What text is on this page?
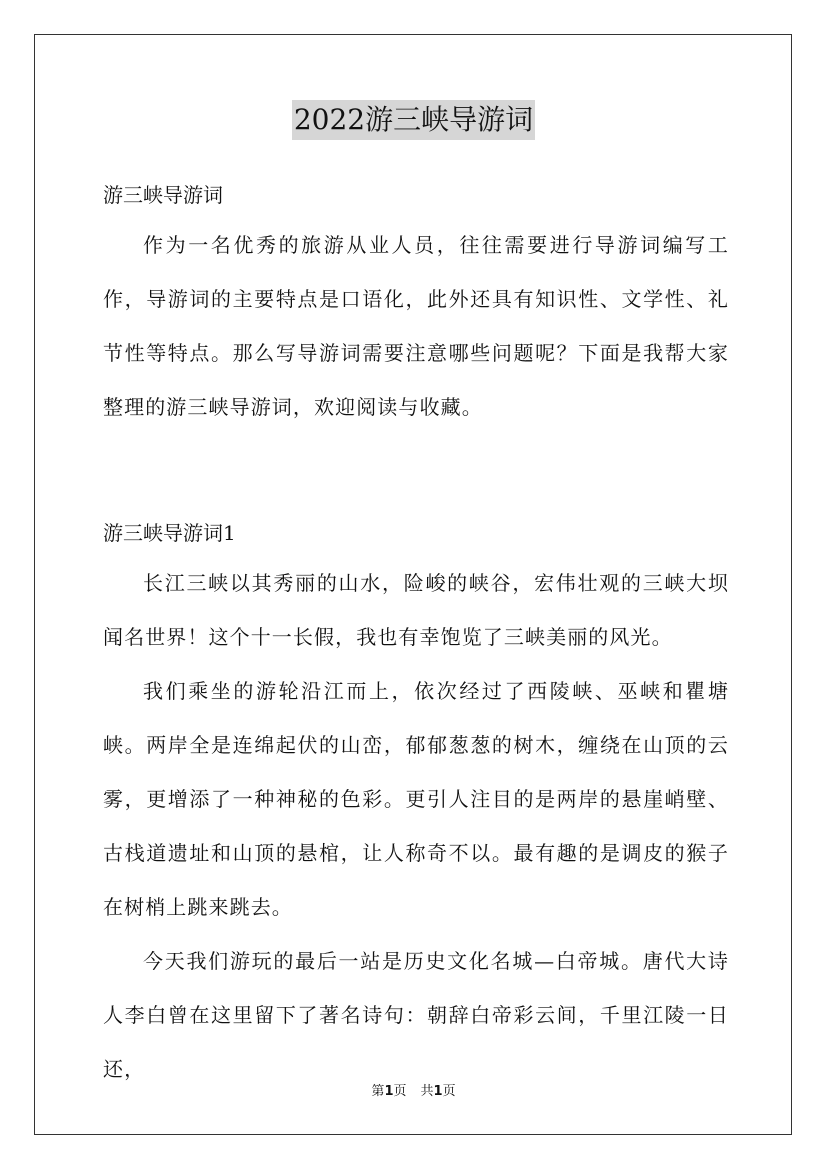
2022游三峡导游词

游三峡导游词

作为一名优秀的旅游从业人员，往往需要进行导游词编写工作，导游词的主要特点是口语化，此外还具有知识性、文学性、礼节性等特点。那么写导游词需要注意哪些问题呢？下面是我帮大家整理的游三峡导游词，欢迎阅读与收藏。

游三峡导游词1

长江三峡以其秀丽的山水，险峻的峡谷，宏伟壮观的三峡大坝闻名世界！这个十一长假，我也有幸饱览了三峡美丽的风光。

我们乘坐的游轮沿江而上，依次经过了西陵峡、巫峡和瞿塘峡。两岸全是连绵起伏的山峦，郁郁葱葱的树木，缠绕在山顶的云雾，更增添了一种神秘的色彩。更引人注目的是两岸的悬崖峭壁、古栈道遗址和山顶的悬棺，让人称奇不以。最有趣的是调皮的猴子在树梢上跳来跳去。

今天我们游玩的最后一站是历史文化名城—白帝城。唐代大诗人李白曾在这里留下了著名诗句：朝辞白帝彩云间，千里江陵一日还，

第1页 共1页
